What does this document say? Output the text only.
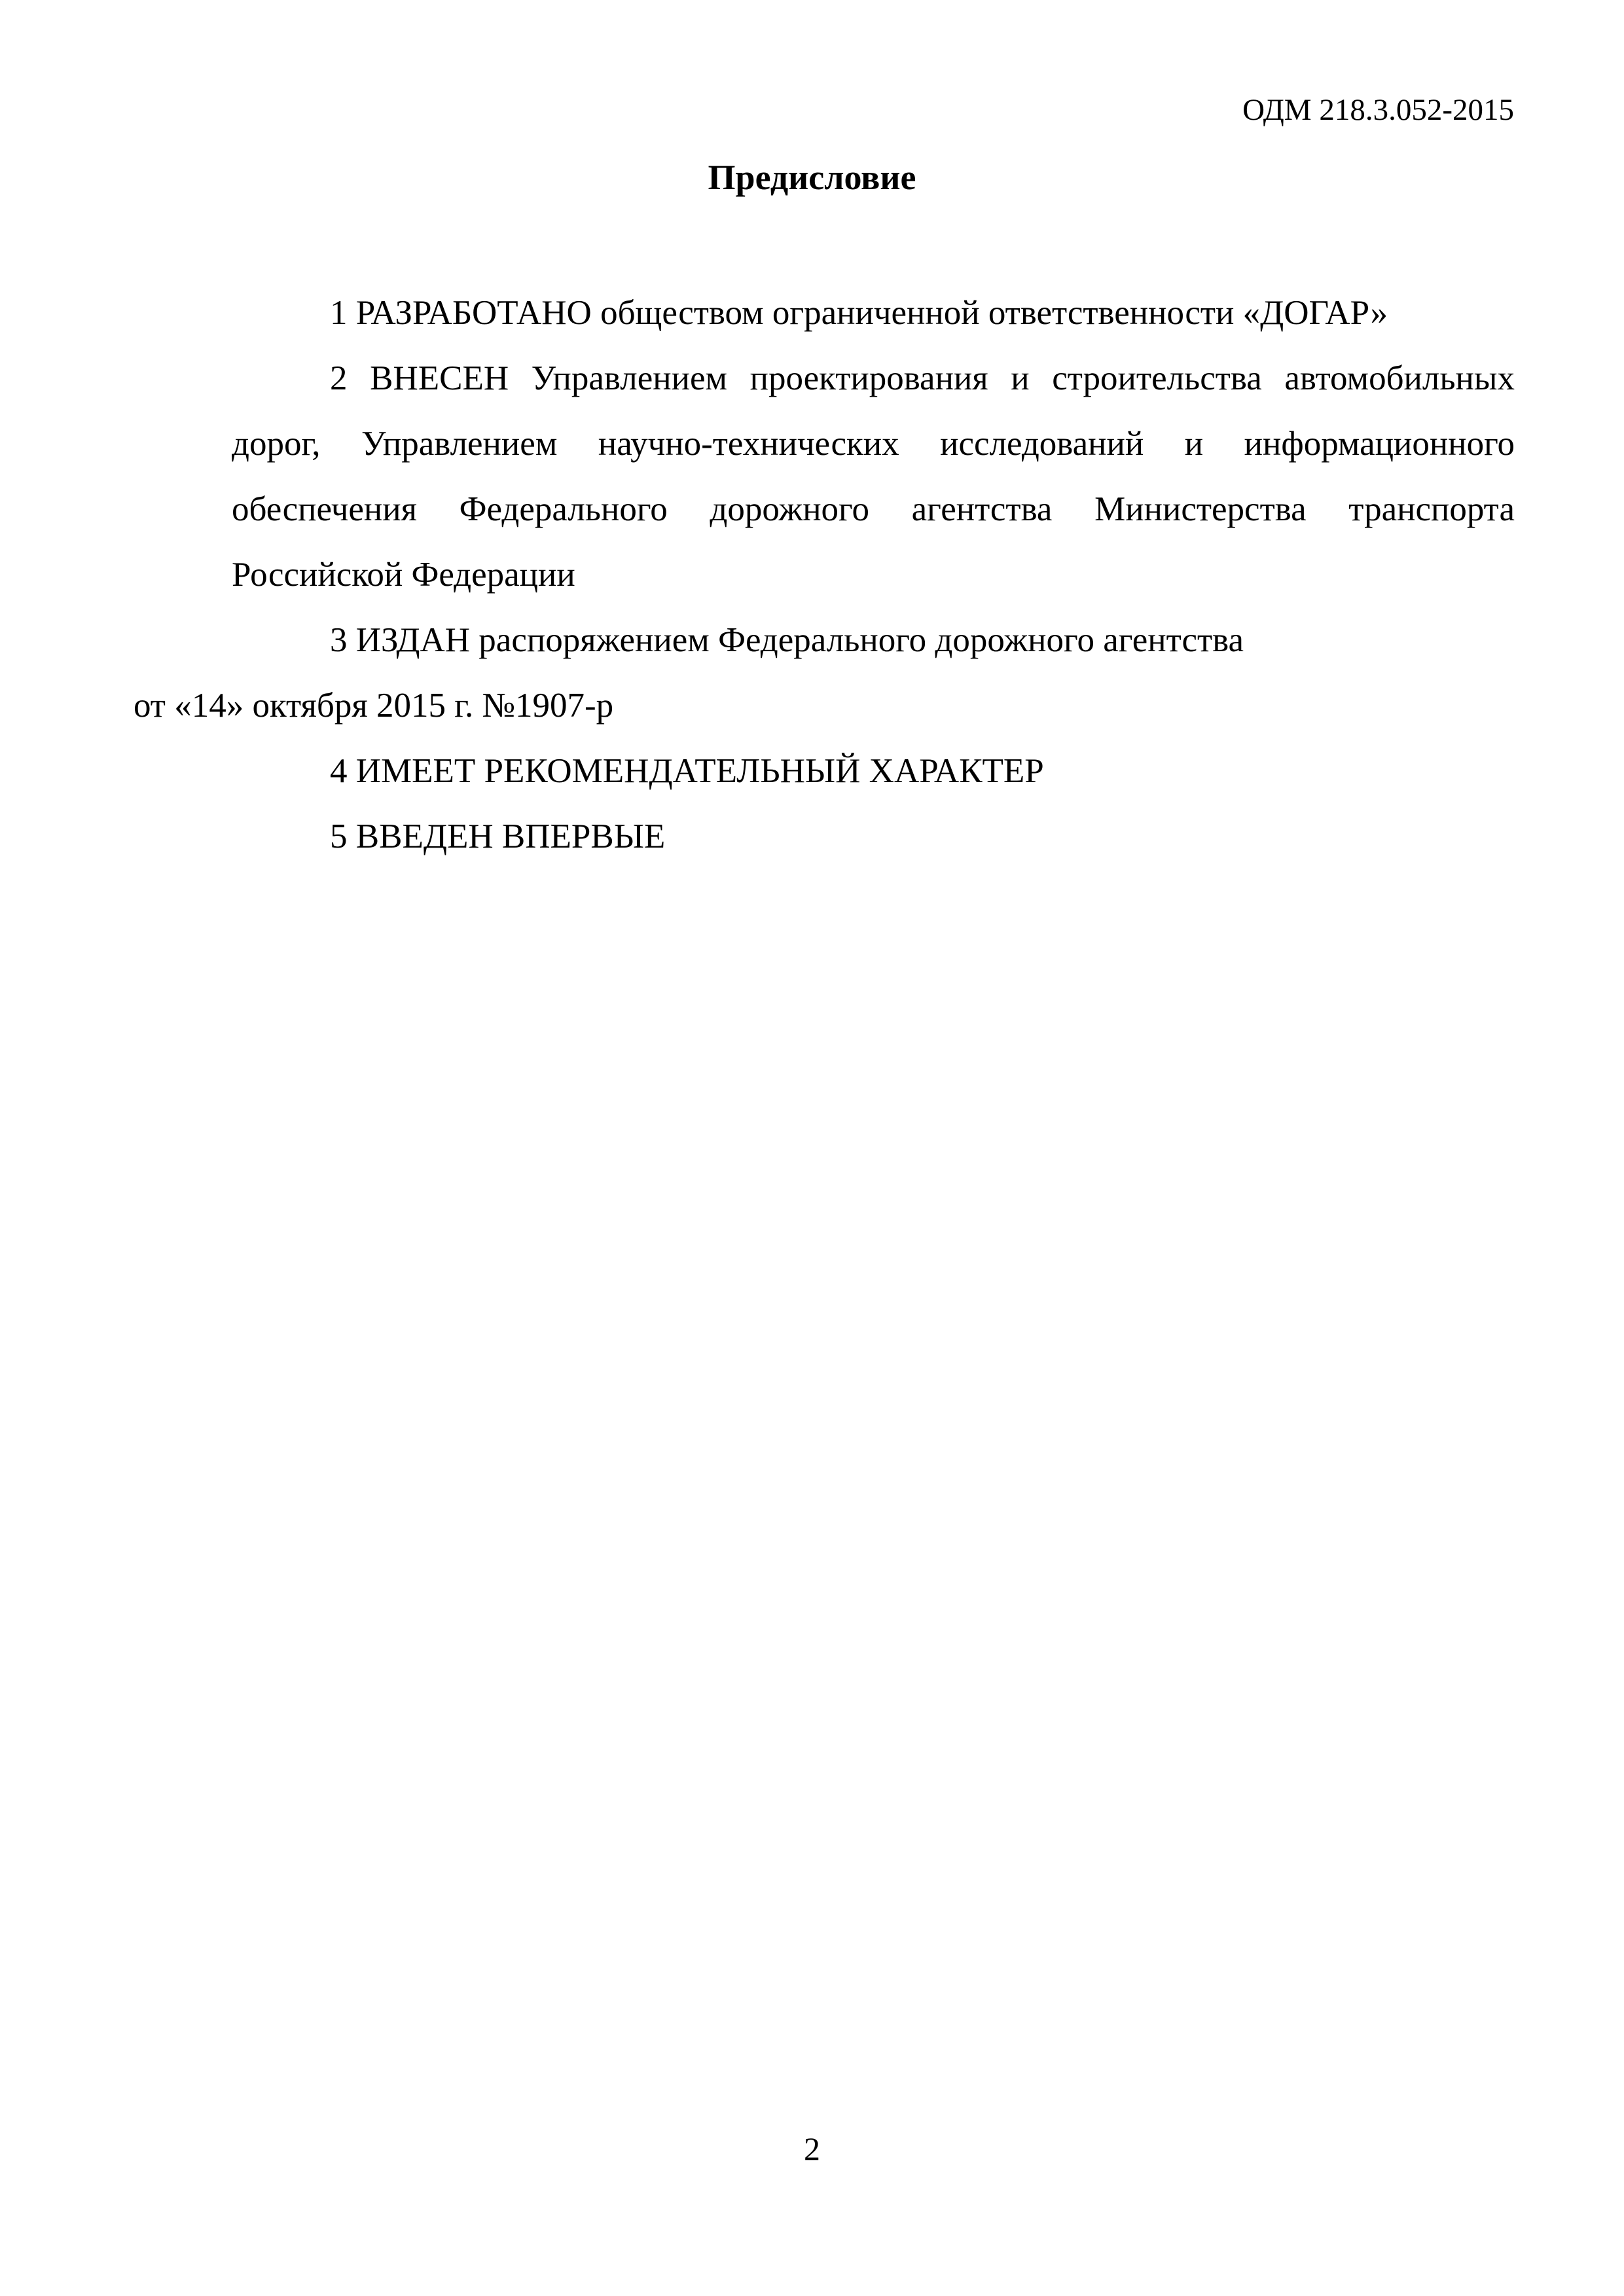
ОДМ 218.3.052-2015
Предисловие

1 РАЗРАБОТАНО обществом ограниченной ответственности «ДОГАР»

2 ВНЕСЕН Управлением проектирования и строительства автомобильных дорог, Управлением научно-технических исследований и информационного обеспечения Федерального дорожного агентства Министерства транспорта Российской Федерации

3 ИЗДАН распоряжением Федерального дорожного агентства
от «14» октября 2015 г. №1907-р

4 ИМЕЕТ РЕКОМЕНДАТЕЛЬНЫЙ ХАРАКТЕР

5 ВВЕДЕН ВПЕРВЫЕ

2
